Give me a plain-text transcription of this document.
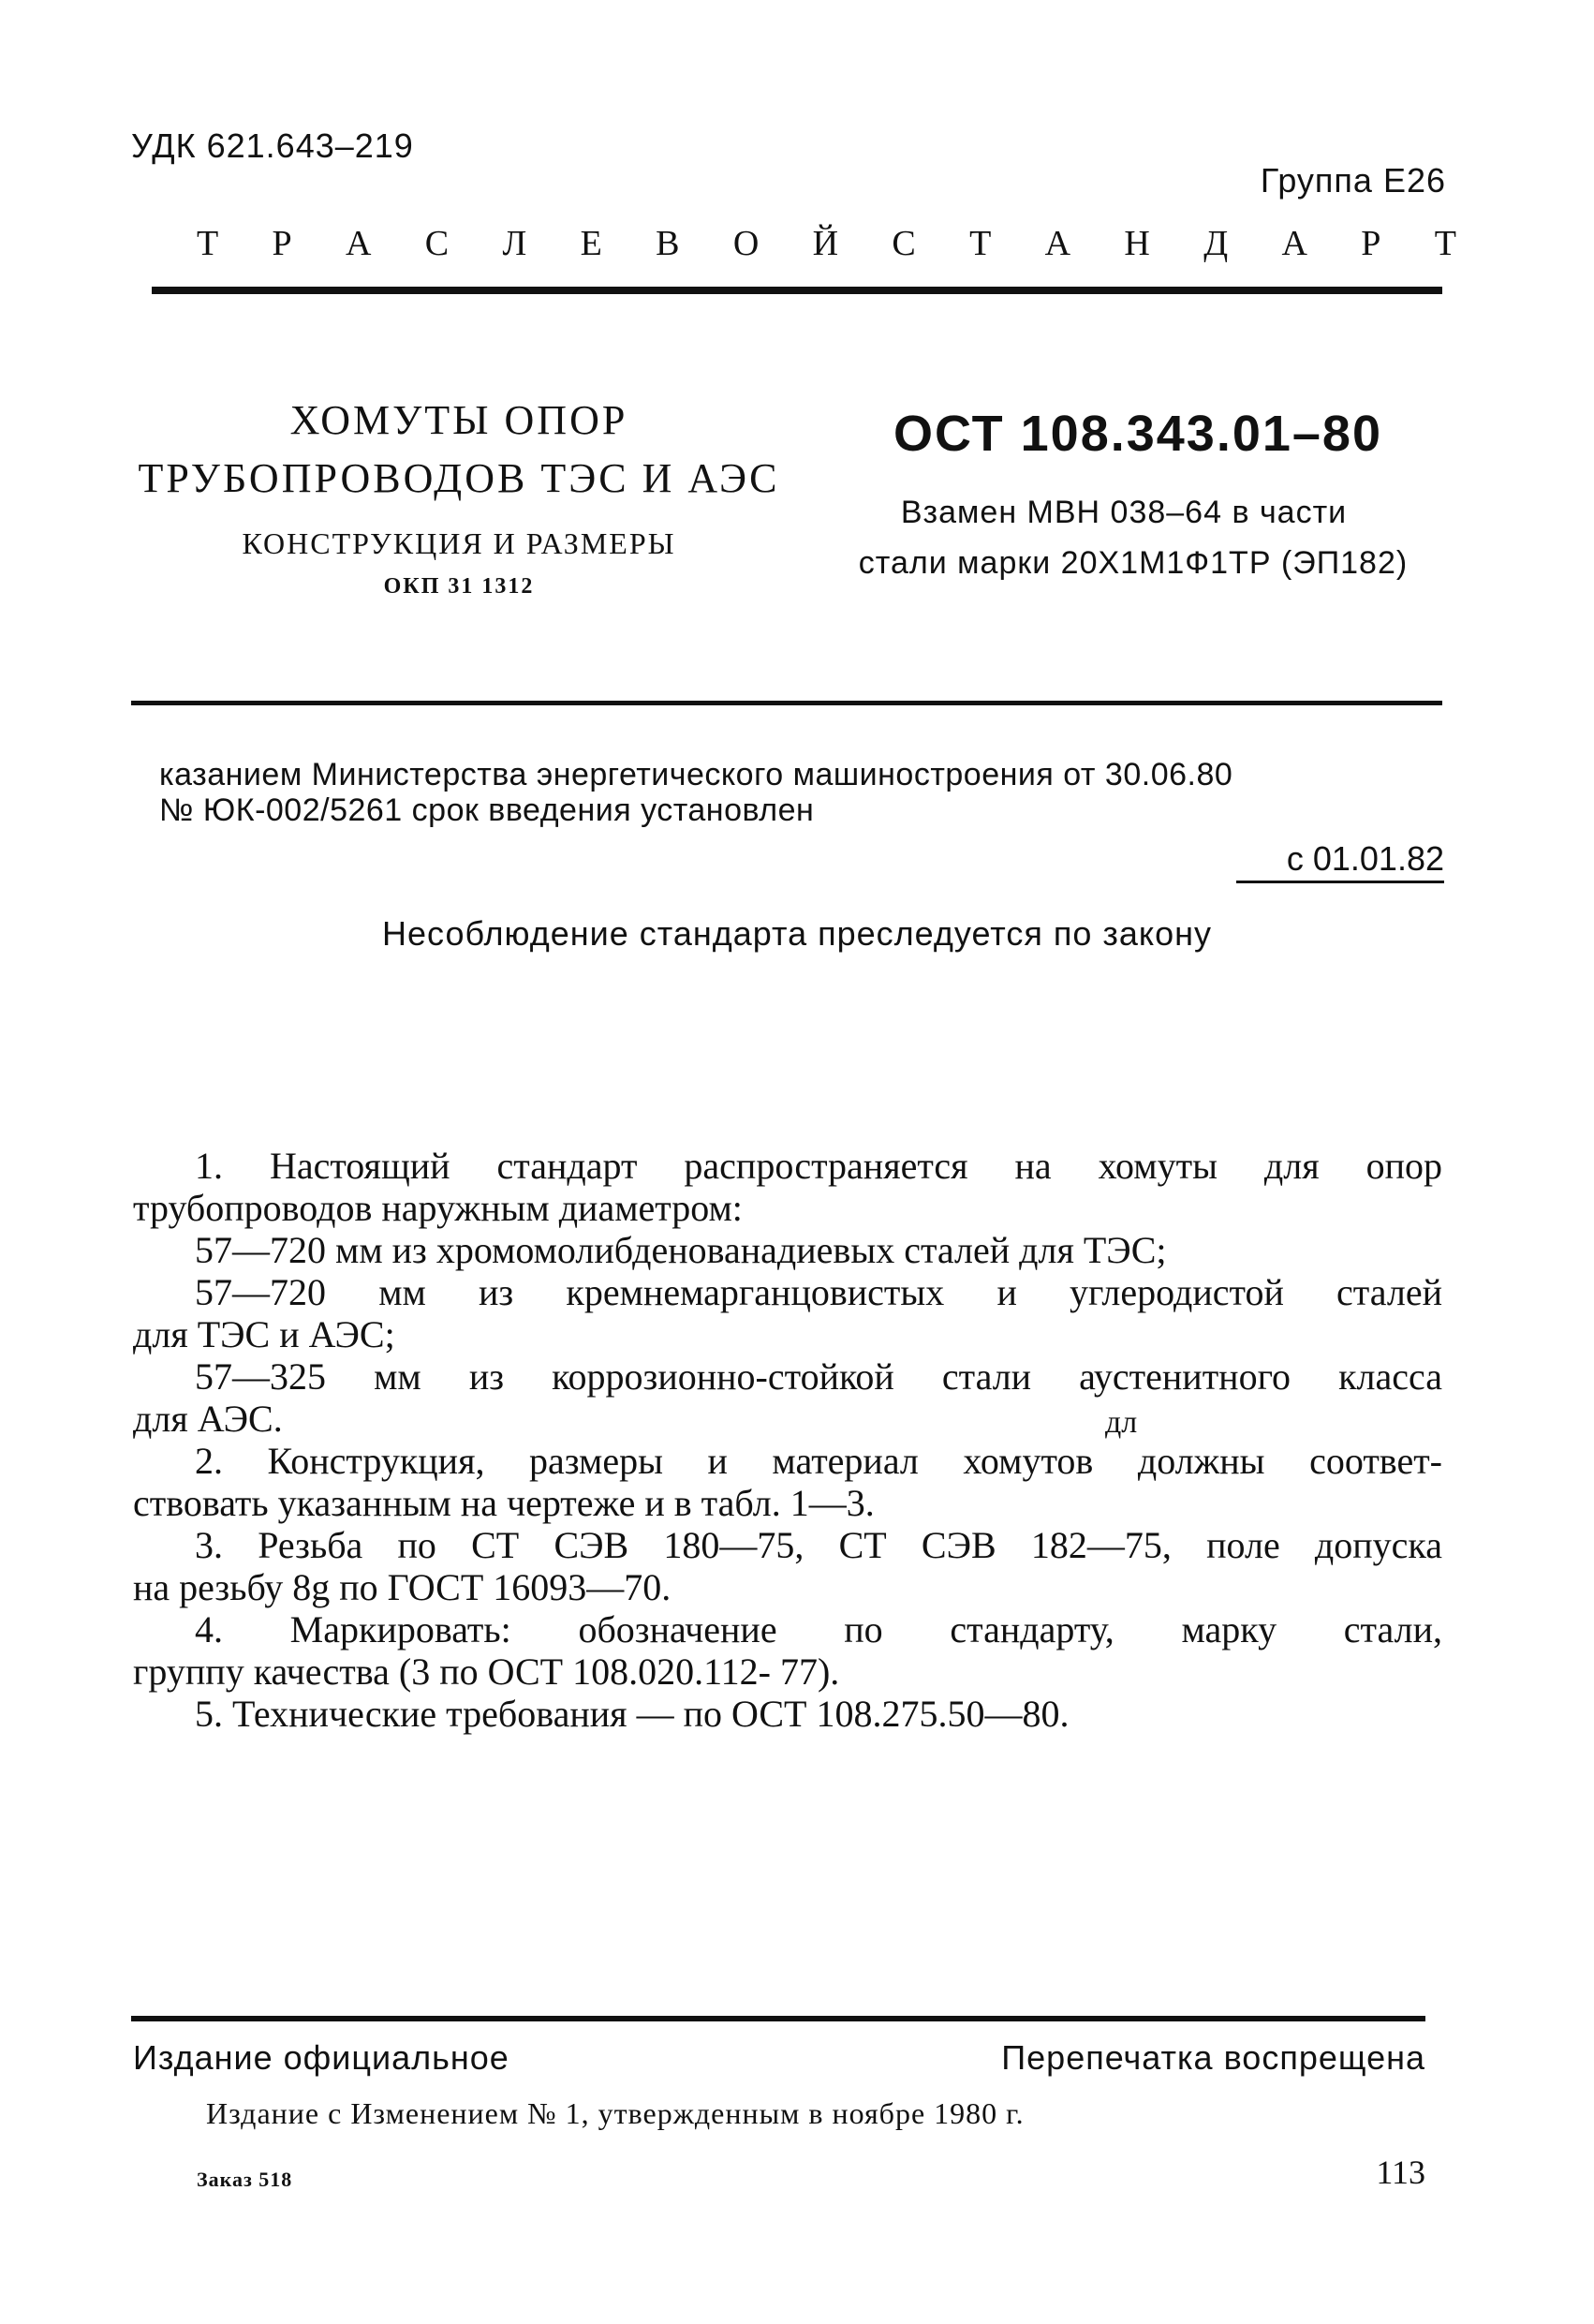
УДК 621.643–219
Группа Е26
Т Р А С Л Е В О Й С Т А Н Д А Р Т
ХОМУТЫ ОПОР
ТРУБОПРОВОДОВ ТЭС И АЭС
КОНСТРУКЦИЯ И РАЗМЕРЫ
ОКП 31 1312
ОСТ 108.343.01–80
Взамен МВН 038–64 в части
стали марки 20Х1М1Ф1ТР (ЭП182)
казанием Министерства энергетического машиностроения от 30.06.80
№ ЮК-002/5261 срок введения установлен
с 01.01.82
Несоблюдение стандарта преследуется по закону
1. Настоящий стандарт распространяется на хомуты для опор
трубопроводов наружным диаметром:
57—720 мм из хромомолибденованадиевых сталей для ТЭС;
57—720 мм из кремнемарганцовистых и углеродистой сталей
для ТЭС и АЭС;
57—325 мм из коррозионно-стойкой стали аустенитного класса
для АЭС.	дл
2. Конструкция, размеры и материал хомутов должны соответ-
ствовать указанным на чертеже и в табл. 1—3.
3. Резьба по СТ СЭВ 180—75, СТ СЭВ 182—75, поле допуска
на резьбу 8g по ГОСТ 16093—70.
4. Маркировать: обозначение по стандарту, марку стали,
группу качества (3 по ОСТ 108.020.112- 77).
5. Технические требования — по ОСТ 108.275.50—80.
Издание официальное	Перепечатка воспрещена
Издание с Изменением № 1, утвержденным в ноябре 1980 г.
Заказ 518	113
